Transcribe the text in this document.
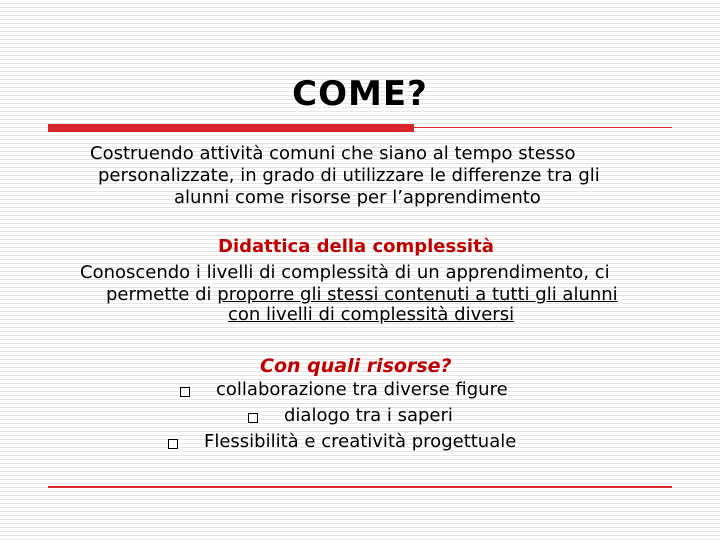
COME?
Costruendo attività comuni che siano al tempo stesso
personalizzate, in grado di utilizzare le differenze tra gli
alunni come risorse per l’apprendimento
Didattica della complessità
Conoscendo i livelli di complessità di un apprendimento, ci
permette di proporre gli stessi contenuti a tutti gli alunni
con livelli di complessità diversi
Con quali risorse?
collaborazione tra diverse figure
dialogo tra i saperi
Flessibilità e creatività progettuale
